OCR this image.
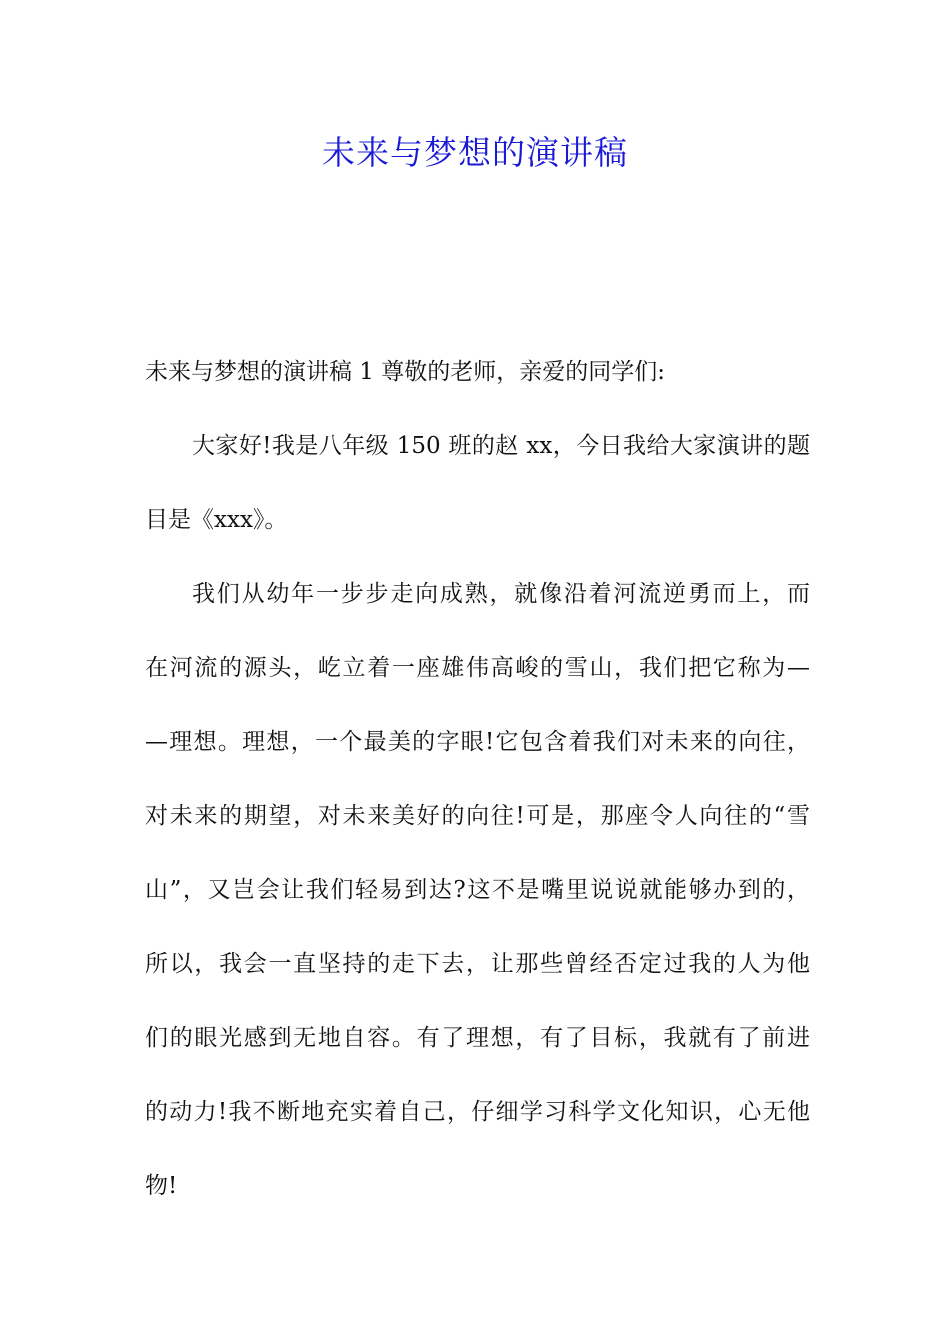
未来与梦想的演讲稿
未来与梦想的演讲稿 1 尊敬的老师，亲爱的同学们:
大家好!我是八年级 150 班的赵 xx，今日我给大家演讲的题
目是《xxx》。
我们从幼年一步步走向成熟，就像沿着河流逆勇而上，而
在河流的源头，屹立着一座雄伟高峻的雪山，我们把它称为—
—理想。理想，一个最美的字眼!它包含着我们对未来的向往，
对未来的期望，对未来美好的向往!可是，那座令人向往的“雪
山”，又岂会让我们轻易到达?这不是嘴里说说就能够办到的，
所以，我会一直坚持的走下去，让那些曾经否定过我的人为他
们的眼光感到无地自容。有了理想，有了目标，我就有了前进
的动力!我不断地充实着自己，仔细学习科学文化知识，心无他
物!
